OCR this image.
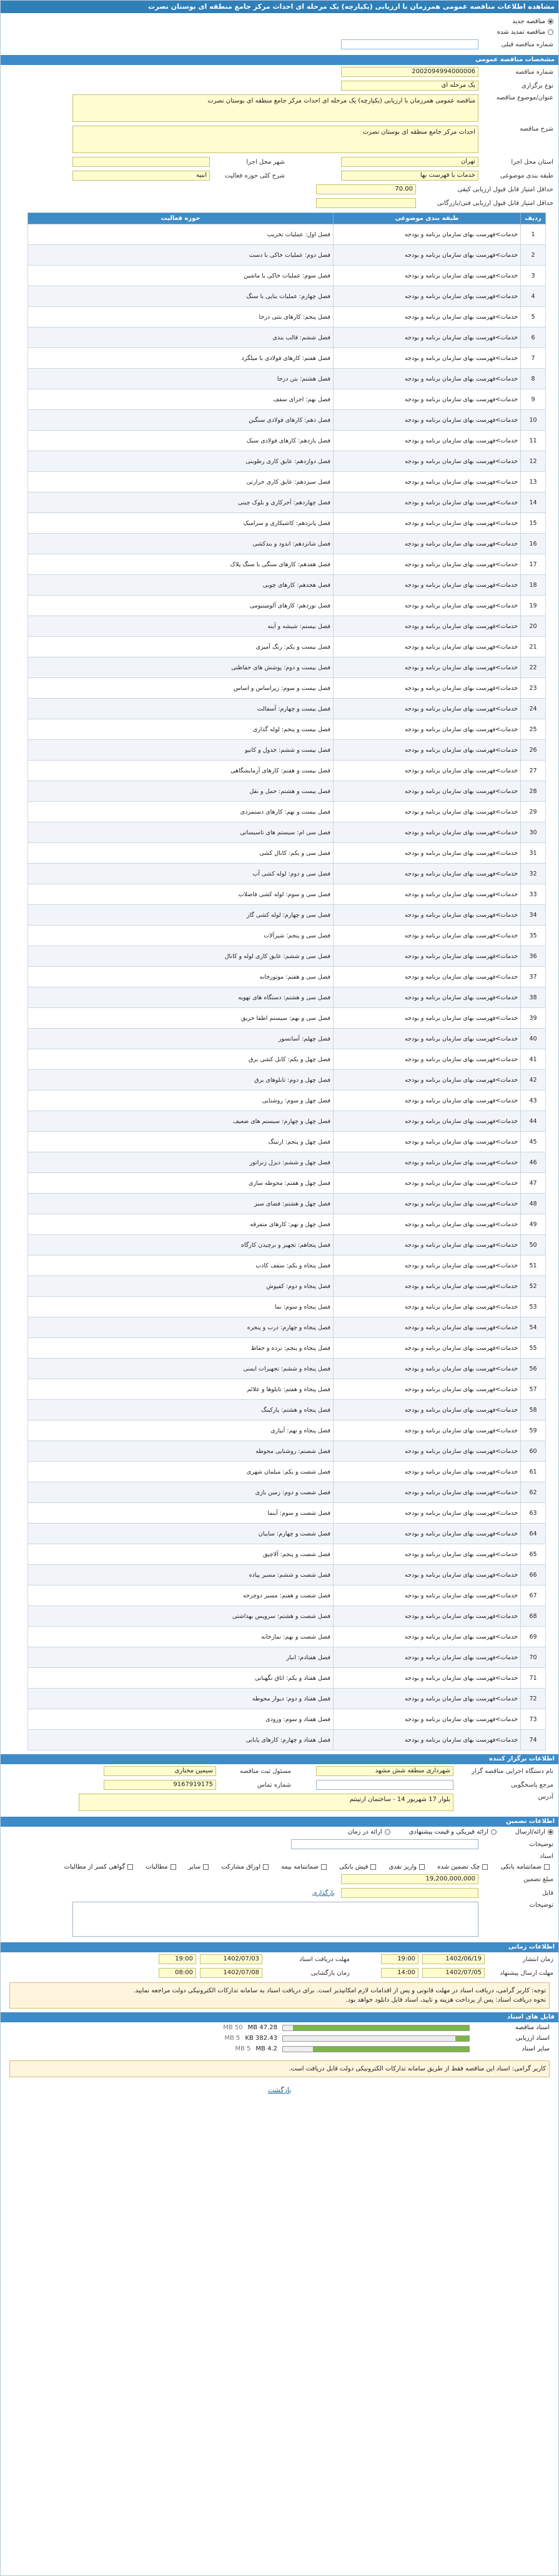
مشاهده اطلاعات مناقصه عمومی همرزمان با ارزیابی (یکپارچه) یک مرحله ای احداث مرکز جامع منطقه ای بوستان نصرت
مناقصه جدید
مناقصه تمدید شده
شماره مناقصه قبلی
مشخصات مناقصه عمومی
شماره مناقصه
2002094994000006
نوع برگزاری
یک مرحله ای
عنوان/موضوع مناقصه
مناقصه عمومی همرزمان با ارزیابی (یکپارچه) یک مرحله ای احداث مرکز جامع منطقه ای بوستان نصرت
شرح مناقصه
احداث مرکز جامع منطقه ای بوستان نصرت
استان محل اجرا
تهران
شهر محل اجرا
طبقه بندی موضوعی
خدمات با فهرست بها
شرح کلی حوزه فعالیت
ابنیه
حداقل امتیاز قابل قبول ارزیابی کیفی
70.00
حداقل امتیاز قابل قبول ارزیابی فنی/بازرگانی
ردیف	طبقه بندی موضوعی	حوزه فعالیت
1	خدمات>فهرست بهای سازمان برنامه و بودجه	فصل اول: عملیات تخریب
2	خدمات>فهرست بهای سازمان برنامه و بودجه	فصل دوم: عملیات خاکی با دست
3	خدمات>فهرست بهای سازمان برنامه و بودجه	فصل سوم: عملیات خاکی با ماشین
4	خدمات>فهرست بهای سازمان برنامه و بودجه	فصل چهارم: عملیات بنایی با سنگ
5	خدمات>فهرست بهای سازمان برنامه و بودجه	فصل پنجم: کارهای بتنی درجا
6	خدمات>فهرست بهای سازمان برنامه و بودجه	فصل ششم: قالب بندی
7	خدمات>فهرست بهای سازمان برنامه و بودجه	فصل هفتم: کارهای فولادی با میلگرد
8	خدمات>فهرست بهای سازمان برنامه و بودجه	فصل هشتم: بتن درجا
9	خدمات>فهرست بهای سازمان برنامه و بودجه	فصل نهم: اجرای سقف
10	خدمات>فهرست بهای سازمان برنامه و بودجه	فصل دهم: کارهای فولادی سنگین
11	خدمات>فهرست بهای سازمان برنامه و بودجه	فصل یازدهم: کارهای فولادی سبک
12	خدمات>فهرست بهای سازمان برنامه و بودجه	فصل دوازدهم: عایق کاری رطوبتی
13	خدمات>فهرست بهای سازمان برنامه و بودجه	فصل سیزدهم: عایق کاری حرارتی
14	خدمات>فهرست بهای سازمان برنامه و بودجه	فصل چهاردهم: آجرکاری و بلوک چینی
15	خدمات>فهرست بهای سازمان برنامه و بودجه	فصل پانزدهم: کاشیکاری و سرامیک
16	خدمات>فهرست بهای سازمان برنامه و بودجه	فصل شانزدهم: اندود و بندکشی
17	خدمات>فهرست بهای سازمان برنامه و بودجه	فصل هفدهم: کارهای سنگی با سنگ پلاک
18	خدمات>فهرست بهای سازمان برنامه و بودجه	فصل هجدهم: کارهای چوبی
19	خدمات>فهرست بهای سازمان برنامه و بودجه	فصل نوزدهم: کارهای آلومینیومی
20	خدمات>فهرست بهای سازمان برنامه و بودجه	فصل بیستم: شیشه و آینه
21	خدمات>فهرست بهای سازمان برنامه و بودجه	فصل بیست و یکم: رنگ آمیزی
22	خدمات>فهرست بهای سازمان برنامه و بودجه	فصل بیست و دوم: پوشش های حفاظتی
23	خدمات>فهرست بهای سازمان برنامه و بودجه	فصل بیست و سوم: زیراساس و اساس
24	خدمات>فهرست بهای سازمان برنامه و بودجه	فصل بیست و چهارم: آسفالت
25	خدمات>فهرست بهای سازمان برنامه و بودجه	فصل بیست و پنجم: لوله گذاری
26	خدمات>فهرست بهای سازمان برنامه و بودجه	فصل بیست و ششم: جدول و کانیو
27	خدمات>فهرست بهای سازمان برنامه و بودجه	فصل بیست و هفتم: کارهای آزمایشگاهی
28	خدمات>فهرست بهای سازمان برنامه و بودجه	فصل بیست و هشتم: حمل و نقل
29	خدمات>فهرست بهای سازمان برنامه و بودجه	فصل بیست و نهم: کارهای دستمزدی
30	خدمات>فهرست بهای سازمان برنامه و بودجه	فصل سی ام: سیستم های تاسیساتی
31	خدمات>فهرست بهای سازمان برنامه و بودجه	فصل سی و یکم: کانال کشی
32	خدمات>فهرست بهای سازمان برنامه و بودجه	فصل سی و دوم: لوله کشی آب
33	خدمات>فهرست بهای سازمان برنامه و بودجه	فصل سی و سوم: لوله کشی فاضلاب
34	خدمات>فهرست بهای سازمان برنامه و بودجه	فصل سی و چهارم: لوله کشی گاز
35	خدمات>فهرست بهای سازمان برنامه و بودجه	فصل سی و پنجم: شیرآلات
36	خدمات>فهرست بهای سازمان برنامه و بودجه	فصل سی و ششم: عایق کاری لوله و کانال
37	خدمات>فهرست بهای سازمان برنامه و بودجه	فصل سی و هفتم: موتورخانه
38	خدمات>فهرست بهای سازمان برنامه و بودجه	فصل سی و هشتم: دستگاه های تهویه
39	خدمات>فهرست بهای سازمان برنامه و بودجه	فصل سی و نهم: سیستم اطفا حریق
40	خدمات>فهرست بهای سازمان برنامه و بودجه	فصل چهلم: آسانسور
41	خدمات>فهرست بهای سازمان برنامه و بودجه	فصل چهل و یکم: کابل کشی برق
42	خدمات>فهرست بهای سازمان برنامه و بودجه	فصل چهل و دوم: تابلوهای برق
43	خدمات>فهرست بهای سازمان برنامه و بودجه	فصل چهل و سوم: روشنایی
44	خدمات>فهرست بهای سازمان برنامه و بودجه	فصل چهل و چهارم: سیستم های ضعیف
45	خدمات>فهرست بهای سازمان برنامه و بودجه	فصل چهل و پنجم: ارتینگ
46	خدمات>فهرست بهای سازمان برنامه و بودجه	فصل چهل و ششم: دیزل ژنراتور
47	خدمات>فهرست بهای سازمان برنامه و بودجه	فصل چهل و هفتم: محوطه سازی
48	خدمات>فهرست بهای سازمان برنامه و بودجه	فصل چهل و هشتم: فضای سبز
49	خدمات>فهرست بهای سازمان برنامه و بودجه	فصل چهل و نهم: کارهای متفرقه
50	خدمات>فهرست بهای سازمان برنامه و بودجه	فصل پنجاهم: تجهیز و برچیدن کارگاه
51	خدمات>فهرست بهای سازمان برنامه و بودجه	فصل پنجاه و یکم: سقف کاذب
52	خدمات>فهرست بهای سازمان برنامه و بودجه	فصل پنجاه و دوم: کفپوش
53	خدمات>فهرست بهای سازمان برنامه و بودجه	فصل پنجاه و سوم: نما
54	خدمات>فهرست بهای سازمان برنامه و بودجه	فصل پنجاه و چهارم: درب و پنجره
55	خدمات>فهرست بهای سازمان برنامه و بودجه	فصل پنجاه و پنجم: نرده و حفاظ
56	خدمات>فهرست بهای سازمان برنامه و بودجه	فصل پنجاه و ششم: تجهیزات ایمنی
57	خدمات>فهرست بهای سازمان برنامه و بودجه	فصل پنجاه و هفتم: تابلوها و علائم
58	خدمات>فهرست بهای سازمان برنامه و بودجه	فصل پنجاه و هشتم: پارکینگ
59	خدمات>فهرست بهای سازمان برنامه و بودجه	فصل پنجاه و نهم: آبیاری
60	خدمات>فهرست بهای سازمان برنامه و بودجه	فصل شصتم: روشنایی محوطه
61	خدمات>فهرست بهای سازمان برنامه و بودجه	فصل شصت و یکم: مبلمان شهری
62	خدمات>فهرست بهای سازمان برنامه و بودجه	فصل شصت و دوم: زمین بازی
63	خدمات>فهرست بهای سازمان برنامه و بودجه	فصل شصت و سوم: آبنما
64	خدمات>فهرست بهای سازمان برنامه و بودجه	فصل شصت و چهارم: سایبان
65	خدمات>فهرست بهای سازمان برنامه و بودجه	فصل شصت و پنجم: آلاچیق
66	خدمات>فهرست بهای سازمان برنامه و بودجه	فصل شصت و ششم: مسیر پیاده
67	خدمات>فهرست بهای سازمان برنامه و بودجه	فصل شصت و هفتم: مسیر دوچرخه
68	خدمات>فهرست بهای سازمان برنامه و بودجه	فصل شصت و هشتم: سرویس بهداشتی
69	خدمات>فهرست بهای سازمان برنامه و بودجه	فصل شصت و نهم: نمازخانه
70	خدمات>فهرست بهای سازمان برنامه و بودجه	فصل هفتادم: انبار
71	خدمات>فهرست بهای سازمان برنامه و بودجه	فصل هفتاد و یکم: اتاق نگهبانی
72	خدمات>فهرست بهای سازمان برنامه و بودجه	فصل هفتاد و دوم: دیوار محوطه
73	خدمات>فهرست بهای سازمان برنامه و بودجه	فصل هفتاد و سوم: ورودی
74	خدمات>فهرست بهای سازمان برنامه و بودجه	فصل هفتاد و چهارم: کارهای پایانی
اطلاعات برگزار کننده
نام دستگاه اجرایی مناقصه گزار
شهرداری منطقه شش مشهد
مسئول ثبت مناقصه
سیمین مختاری
مرجع پاسخگویی
شماره تماس
9167919175
آدرس
بلوار 17 شهریور 14 - ساختمان ارتینتم
اطلاعات تضمین
ارائه/ارسال
ارائه فیزیکی و قیمت پیشنهادی
ارائه در زمان
توضیحات
اسناد
ضمانتنامه بانکی
چک تضمین شده
واریز نقدی
فیش بانکی
ضمانتنامه بیمه
اوراق مشارکت
سایر
مطالبات
گواهی کسر از مطالبات
مبلغ تضمین
19,200,000,000
فایل
بارگذاری
توضیحات
اطلاعات زمانی
زمان انتشار
1402/06/19
19:00
مهلت دریافت اسناد
1402/07/03
19:00
مهلت ارسال پیشنهاد
1402/07/05
14:00
زمان بازگشایی
1402/07/08
08:00
توجه: کاربر گرامی، دریافت اسناد در مهلت قانونی و پس از اقدامات لازم امکانپذیر است. برای دریافت اسناد به سامانه تدارکات الکترونیکی دولت مراجعه نمایید.
نحوه دریافت اسناد: پس از پرداخت هزینه و تایید، اسناد قابل دانلود خواهد بود.
فایل های اسناد
اسناد مناقصه
47.28 MB
50 MB
اسناد ارزیابی
382.43 KB
5 MB
سایر اسناد
4.2 MB
5 MB
کاربر گرامی: اسناد این مناقصه فقط از طریق سامانه تدارکات الکترونیکی دولت قابل دریافت است.
بازگشت
